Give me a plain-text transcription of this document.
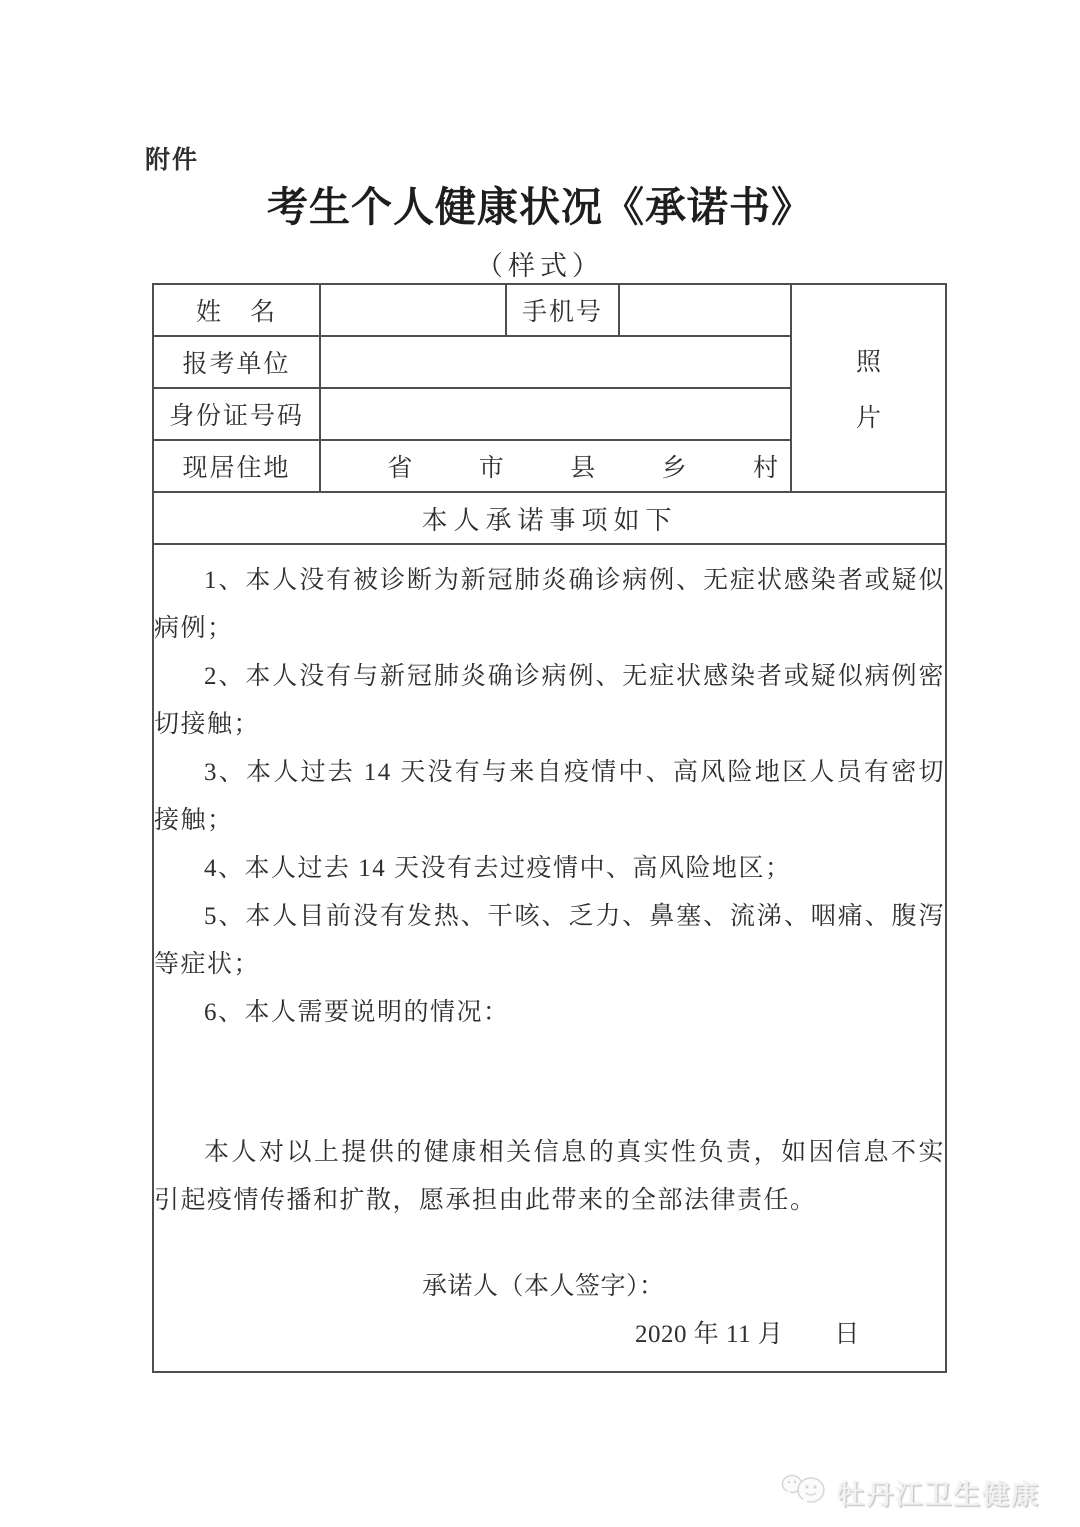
附件
考生个人健康状况《承诺书》
（样式）
姓　名		手机号		照
片

报考单位				
身份证号码				
现居住地	省 市 县 乡 村			

本人承诺事项如下				

1、本人没有被诊断为新冠肺炎确诊病例、无症状感染者或疑似病例；

2、本人没有与新冠肺炎确诊病例、无症状感染者或疑似病例密切接触；

3、本人过去 14 天没有与来自疫情中、高风险地区人员有密切接触；

4、本人过去 14 天没有去过疫情中、高风险地区；

5、本人目前没有发热、干咳、乏力、鼻塞、流涕、咽痛、腹泻等症状；

6、本人需要说明的情况：

本人对以上提供的健康相关信息的真实性负责，如因信息不实引起疫情传播和扩散，愿承担由此带来的全部法律责任。

承诺人（本人签字）：

2020 年 11 月　　日

牡丹江卫生健康
